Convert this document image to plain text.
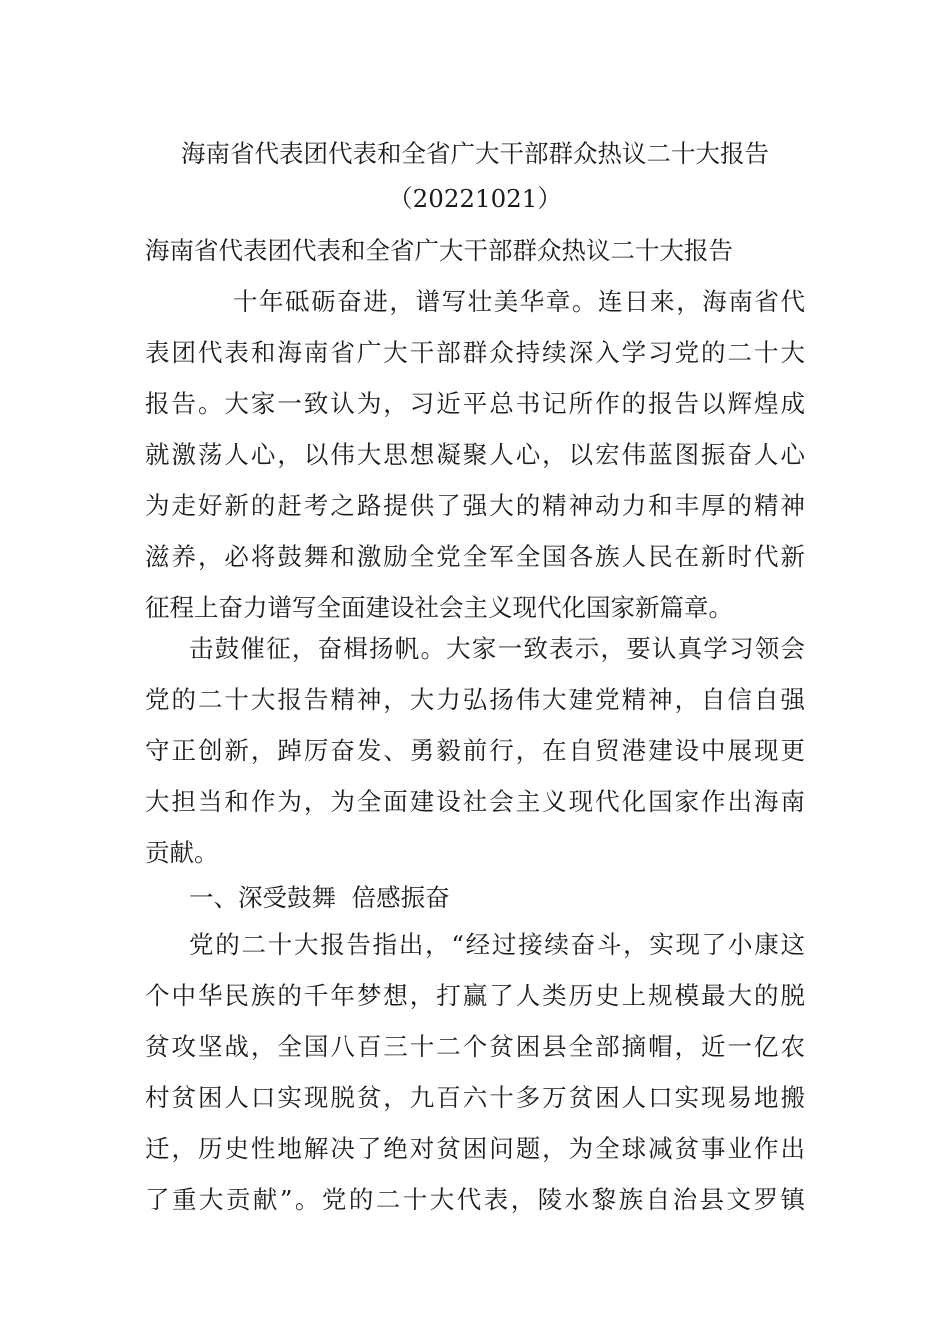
海南省代表团代表和全省广大干部群众热议二十大报告
（20221021）
海南省代表团代表和全省广大干部群众热议二十大报告
十年砥砺奋进，谱写壮美华章。连日来，海南省代
表团代表和海南省广大干部群众持续深入学习党的二十大
报告。大家一致认为，习近平总书记所作的报告以辉煌成
就激荡人心，以伟大思想凝聚人心，以宏伟蓝图振奋人心
为走好新的赶考之路提供了强大的精神动力和丰厚的精神
滋养，必将鼓舞和激励全党全军全国各族人民在新时代新
征程上奋力谱写全面建设社会主义现代化国家新篇章。
击鼓催征，奋楫扬帆。大家一致表示，要认真学习领会
党的二十大报告精神，大力弘扬伟大建党精神，自信自强
守正创新，踔厉奋发、勇毅前行，在自贸港建设中展现更
大担当和作为，为全面建设社会主义现代化国家作出海南
贡献。
一、深受鼓舞  倍感振奋
党的二十大报告指出，“经过接续奋斗，实现了小康这
个中华民族的千年梦想，打赢了人类历史上规模最大的脱
贫攻坚战，全国八百三十二个贫困县全部摘帽，近一亿农
村贫困人口实现脱贫，九百六十多万贫困人口实现易地搬
迁，历史性地解决了绝对贫困问题，为全球减贫事业作出
了重大贡献”。党的二十大代表，陵水黎族自治县文罗镇
